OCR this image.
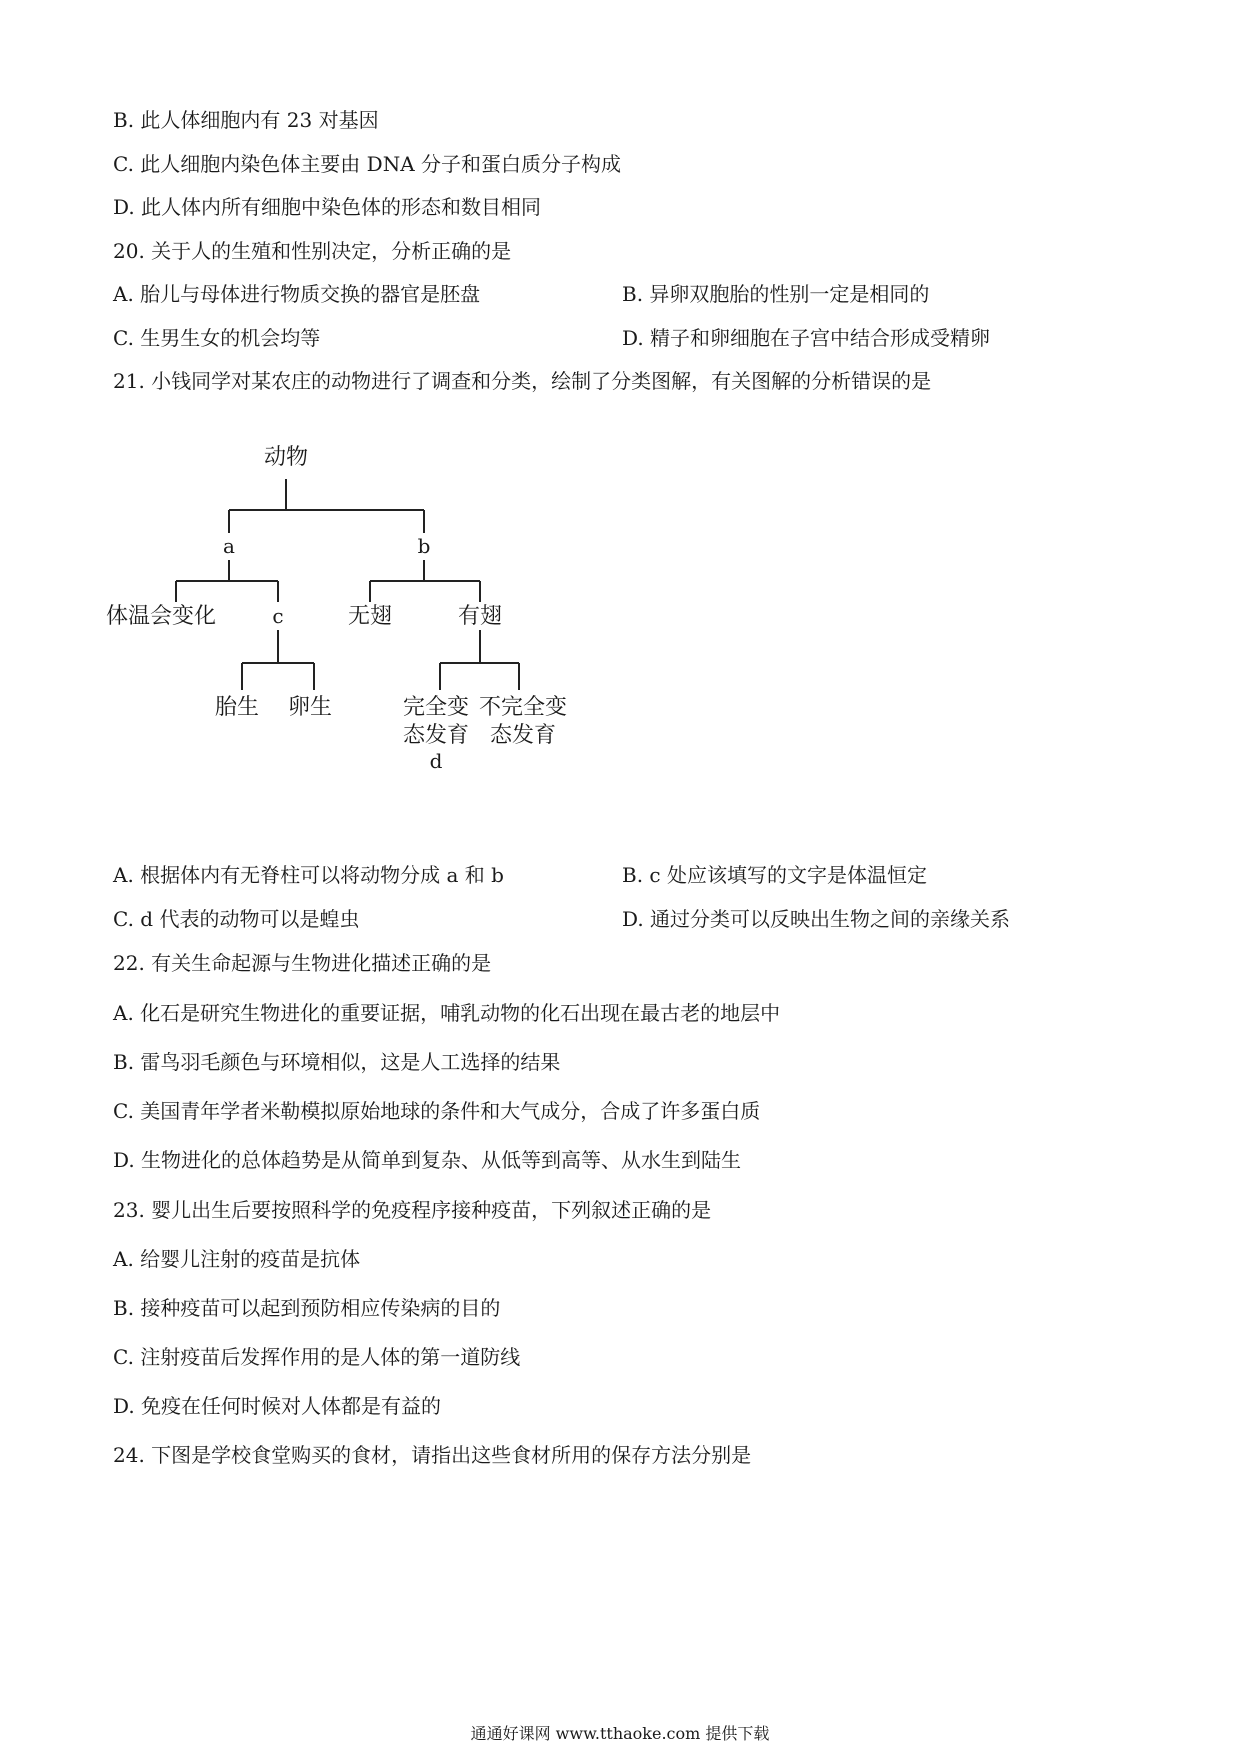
B. 此人体细胞内有 23 对基因
C. 此人细胞内染色体主要由 DNA 分子和蛋白质分子构成
D. 此人体内所有细胞中染色体的形态和数目相同
20. 关于人的生殖和性别决定，分析正确的是
A. 胎儿与母体进行物质交换的器官是胚盘	B. 异卵双胞胎的性别一定是相同的
C. 生男生女的机会均等	D. 精子和卵细胞在子宫中结合形成受精卵
21. 小钱同学对某农庄的动物进行了调查和分类，绘制了分类图解，有关图解的分析错误的是
动物
a	b
体温会变化	c	无翅	有翅
胎生 卵生	完全变
态发育
d
不完全变
态发育
A. 根据体内有无脊柱可以将动物分成 a 和 b	B. c 处应该填写的文字是体温恒定
C. d 代表的动物可以是蝗虫	D. 通过分类可以反映出生物之间的亲缘关系
22. 有关生命起源与生物进化描述正确的是
A. 化石是研究生物进化的重要证据，哺乳动物的化石出现在最古老的地层中
B. 雷鸟羽毛颜色与环境相似，这是人工选择的结果
C. 美国青年学者米勒模拟原始地球的条件和大气成分，合成了许多蛋白质
D. 生物进化的总体趋势是从简单到复杂、从低等到高等、从水生到陆生
23. 婴儿出生后要按照科学的免疫程序接种疫苗，下列叙述正确的是
A. 给婴儿注射的疫苗是抗体
B. 接种疫苗可以起到预防相应传染病的目的
C. 注射疫苗后发挥作用的是人体的第一道防线
D. 免疫在任何时候对人体都是有益的
24. 下图是学校食堂购买的食材，请指出这些食材所用的保存方法分别是
通通好课网 www.tthaoke.com 提供下载
